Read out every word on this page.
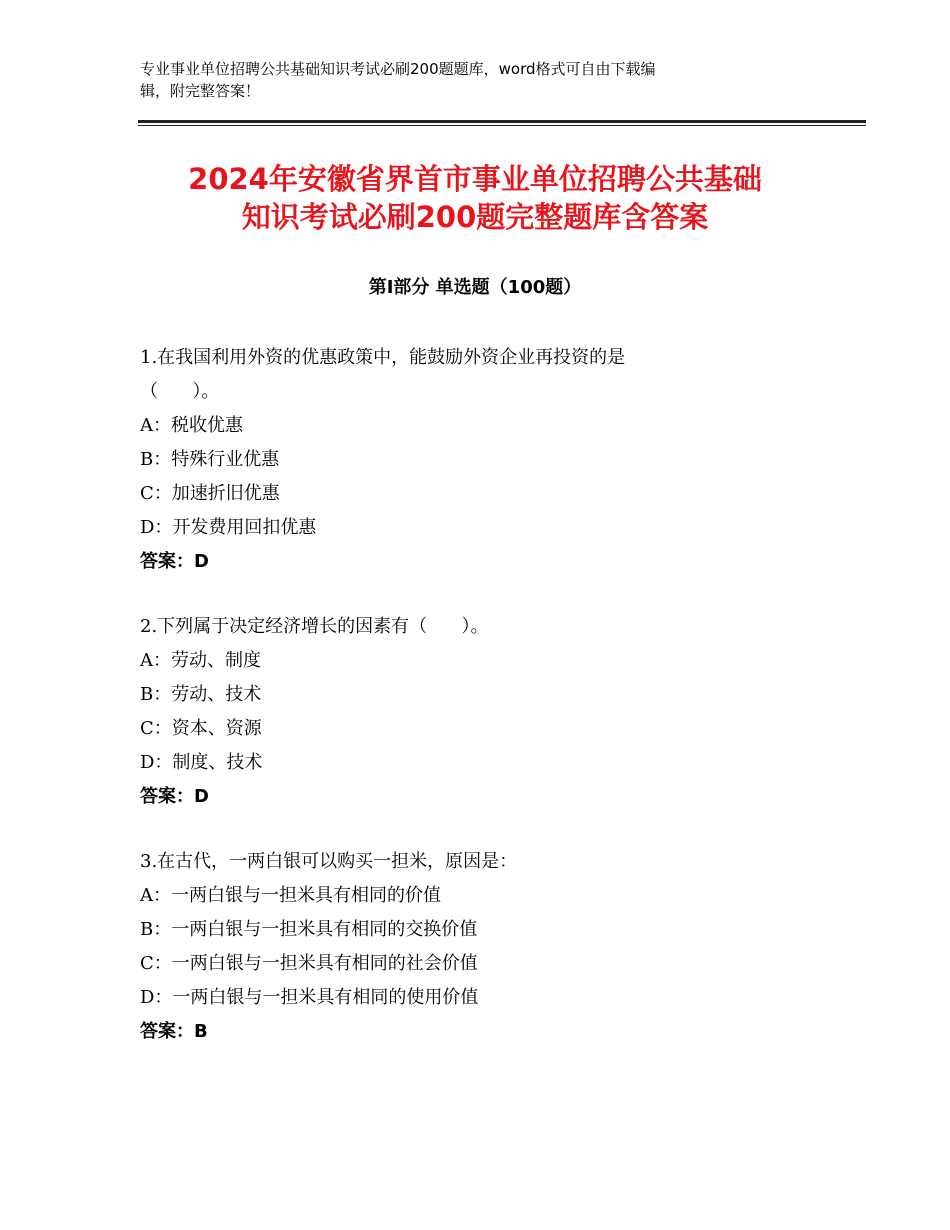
专业事业单位招聘公共基础知识考试必刷200题题库，word格式可自由下载编
辑，附完整答案！
2024年安徽省界首市事业单位招聘公共基础
知识考试必刷200题完整题库含答案
第Ⅰ部分 单选题（100题）
1.在我国利用外资的优惠政策中，能鼓励外资企业再投资的是
（      ）。
A：税收优惠
B：特殊行业优惠
C：加速折旧优惠
D：开发费用回扣优惠
答案：D
2.下列属于决定经济增长的因素有（      ）。
A：劳动、制度
B：劳动、技术
C：资本、资源
D：制度、技术
答案：D
3.在古代，一两白银可以购买一担米，原因是：
A：一两白银与一担米具有相同的价值
B：一两白银与一担米具有相同的交换价值
C：一两白银与一担米具有相同的社会价值
D：一两白银与一担米具有相同的使用价值
答案：B
